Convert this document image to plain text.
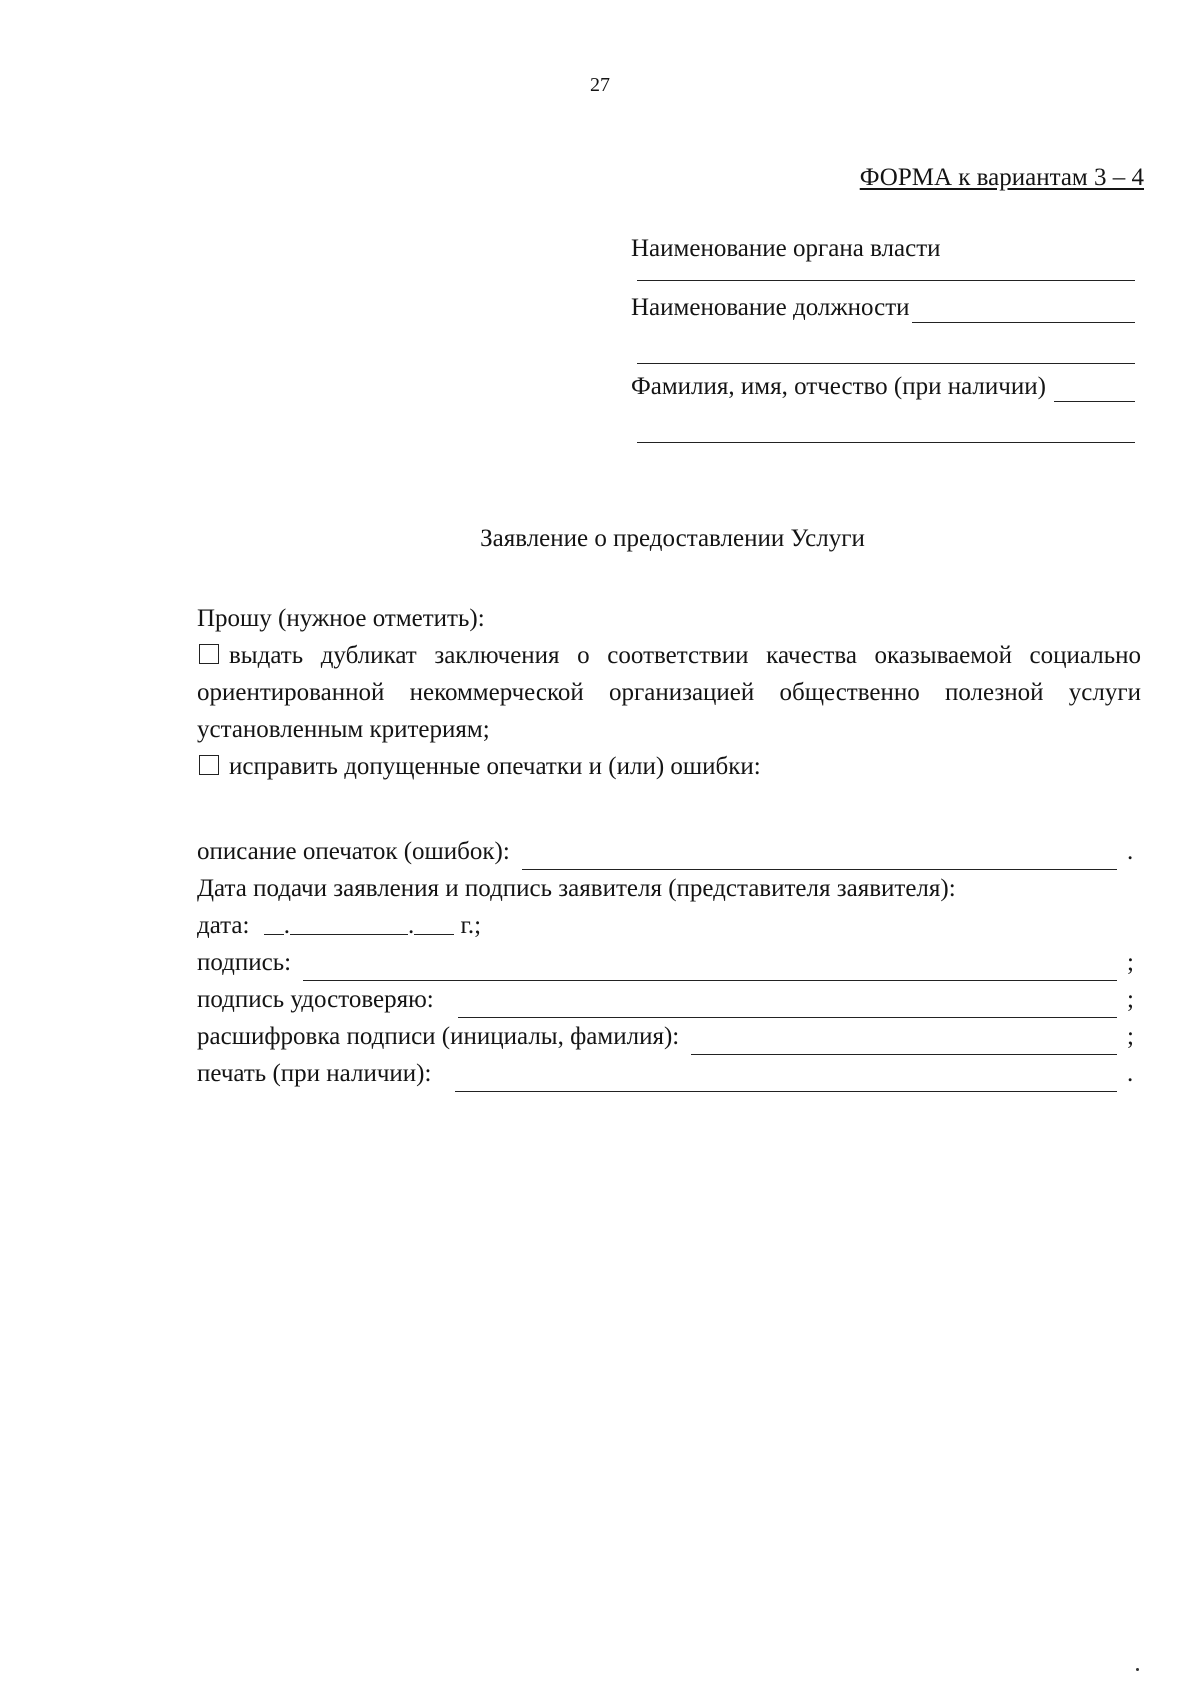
27
ФОРМА к вариантам 3 – 4
Наименование органа власти
Наименование должности
Фамилия, имя, отчество (при наличии)
Заявление о предоставлении Услуги
Прошу (нужное отметить):
выдать дубликат заключения о соответствии качества оказываемой социально ориентированной некоммерческой организацией общественно полезной услуги установленным критериям;
исправить допущенные опечатки и (или) ошибки:
описание опечаток (ошибок):	.
Дата подачи заявления и подпись заявителя (представителя заявителя):
дата: .	. г.;
подпись:	;
подпись удостоверяю:	;
расшифровка подписи (инициалы, фамилия):	;
печать (при наличии):	.
